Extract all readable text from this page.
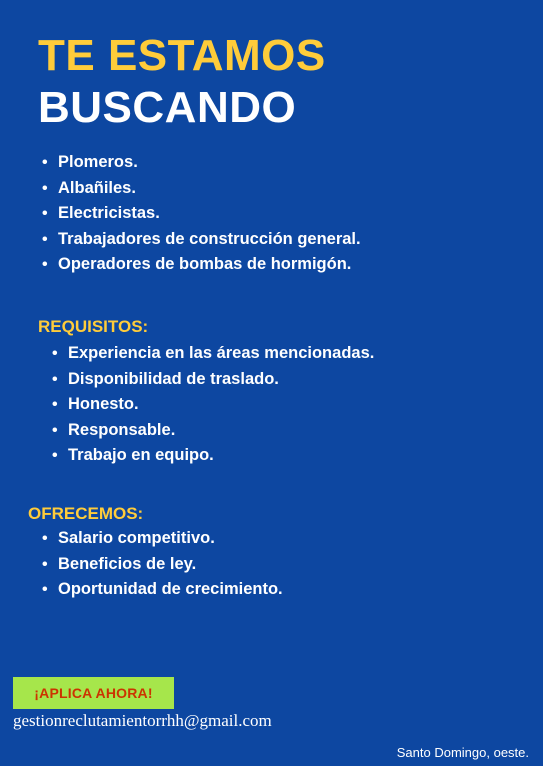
TE ESTAMOS
BUSCANDO
• Plomeros.
• Albañiles.
• Electricistas.
• Trabajadores de construcción general.
• Operadores de bombas de hormigón.
REQUISITOS:
• Experiencia en las áreas mencionadas.
• Disponibilidad de traslado.
• Honesto.
• Responsable.
• Trabajo en equipo.
OFRECEMOS:
• Salario competitivo.
• Beneficios de ley.
• Oportunidad de crecimiento.
¡APLICA AHORA!
gestionreclutamientorrhh@gmail.com
Santo Domingo, oeste.
